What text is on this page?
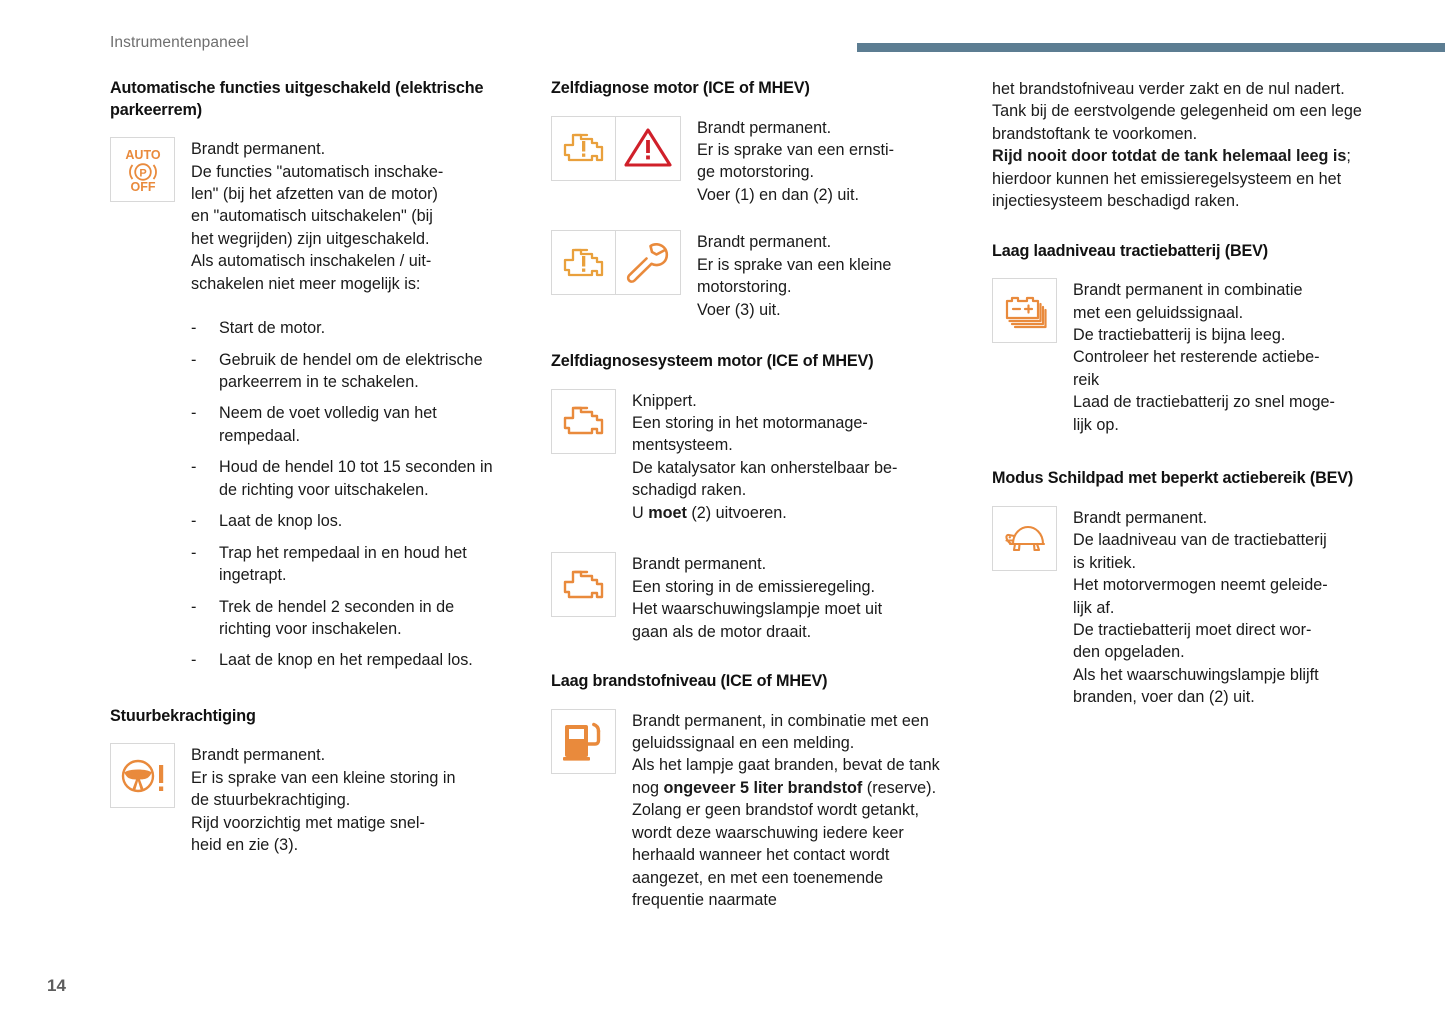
Instrumentenpaneel
Automatische functies uitgeschakeld (elektrische parkeerrem)
AUTO
P
OFF
Brandt permanent.
De functies "automatisch inschake-
len" (bij het afzetten van de motor)
en "automatisch uitschakelen" (bij
het wegrijden) zijn uitgeschakeld.
Als automatisch inschakelen / uit-
schakelen niet meer mogelijk is:
-	Start de motor.
-	Gebruik de hendel om de elektrische parkeerrem in te schakelen.
-	Neem de voet volledig van het rempedaal.
-	Houd de hendel 10 tot 15 seconden in de richting voor uitschakelen.
-	Laat de knop los.
-	Trap het rempedaal in en houd het ingetrapt.
-	Trek de hendel 2 seconden in de richting voor inschakelen.
-	Laat de knop en het rempedaal los.
Stuurbekrachtiging
Brandt permanent.
Er is sprake van een kleine storing in
de stuurbekrachtiging.
Rijd voorzichtig met matige snel-
heid en zie (3).
Zelfdiagnose motor (ICE of MHEV)
Brandt permanent.
Er is sprake van een ernsti-
ge motorstoring.
Voer (1) en dan (2) uit.
Brandt permanent.
Er is sprake van een kleine
motorstoring.
Voer (3) uit.
Zelfdiagnosesysteem motor (ICE of MHEV)
Knippert.
Een storing in het motormanage-
mentsysteem.
De katalysator kan onherstelbaar be-
schadigd raken.
U moet (2) uitvoeren.
Brandt permanent.
Een storing in de emissieregeling.
Het waarschuwingslampje moet uit
gaan als de motor draait.
Laag brandstofniveau (ICE of MHEV)
Brandt permanent, in combinatie met een geluidssignaal en een melding.
Als het lampje gaat branden, bevat de tank nog ongeveer 5 liter brandstof (reserve).
Zolang er geen brandstof wordt getankt, wordt deze waarschuwing iedere keer herhaald wanneer het contact wordt aangezet, en met een toenemende frequentie naarmate
het brandstofniveau verder zakt en de nul nadert.
Tank bij de eerstvolgende gelegenheid om een lege brandstoftank te voorkomen.
Rijd nooit door totdat de tank helemaal leeg is; hierdoor kunnen het emissieregelsysteem en het injectiesysteem beschadigd raken.
Laag laadniveau tractiebatterij (BEV)
Brandt permanent in combinatie
met een geluidssignaal.
De tractiebatterij is bijna leeg.
Controleer het resterende actiebe-
reik
Laad de tractiebatterij zo snel moge-
lijk op.
Modus Schildpad met beperkt actiebereik (BEV)
Brandt permanent.
De laadniveau van de tractiebatterij
is kritiek.
Het motorvermogen neemt geleide-
lijk af.
De tractiebatterij moet direct wor-
den opgeladen.
Als het waarschuwingslampje blijft
branden, voer dan (2) uit.
14
